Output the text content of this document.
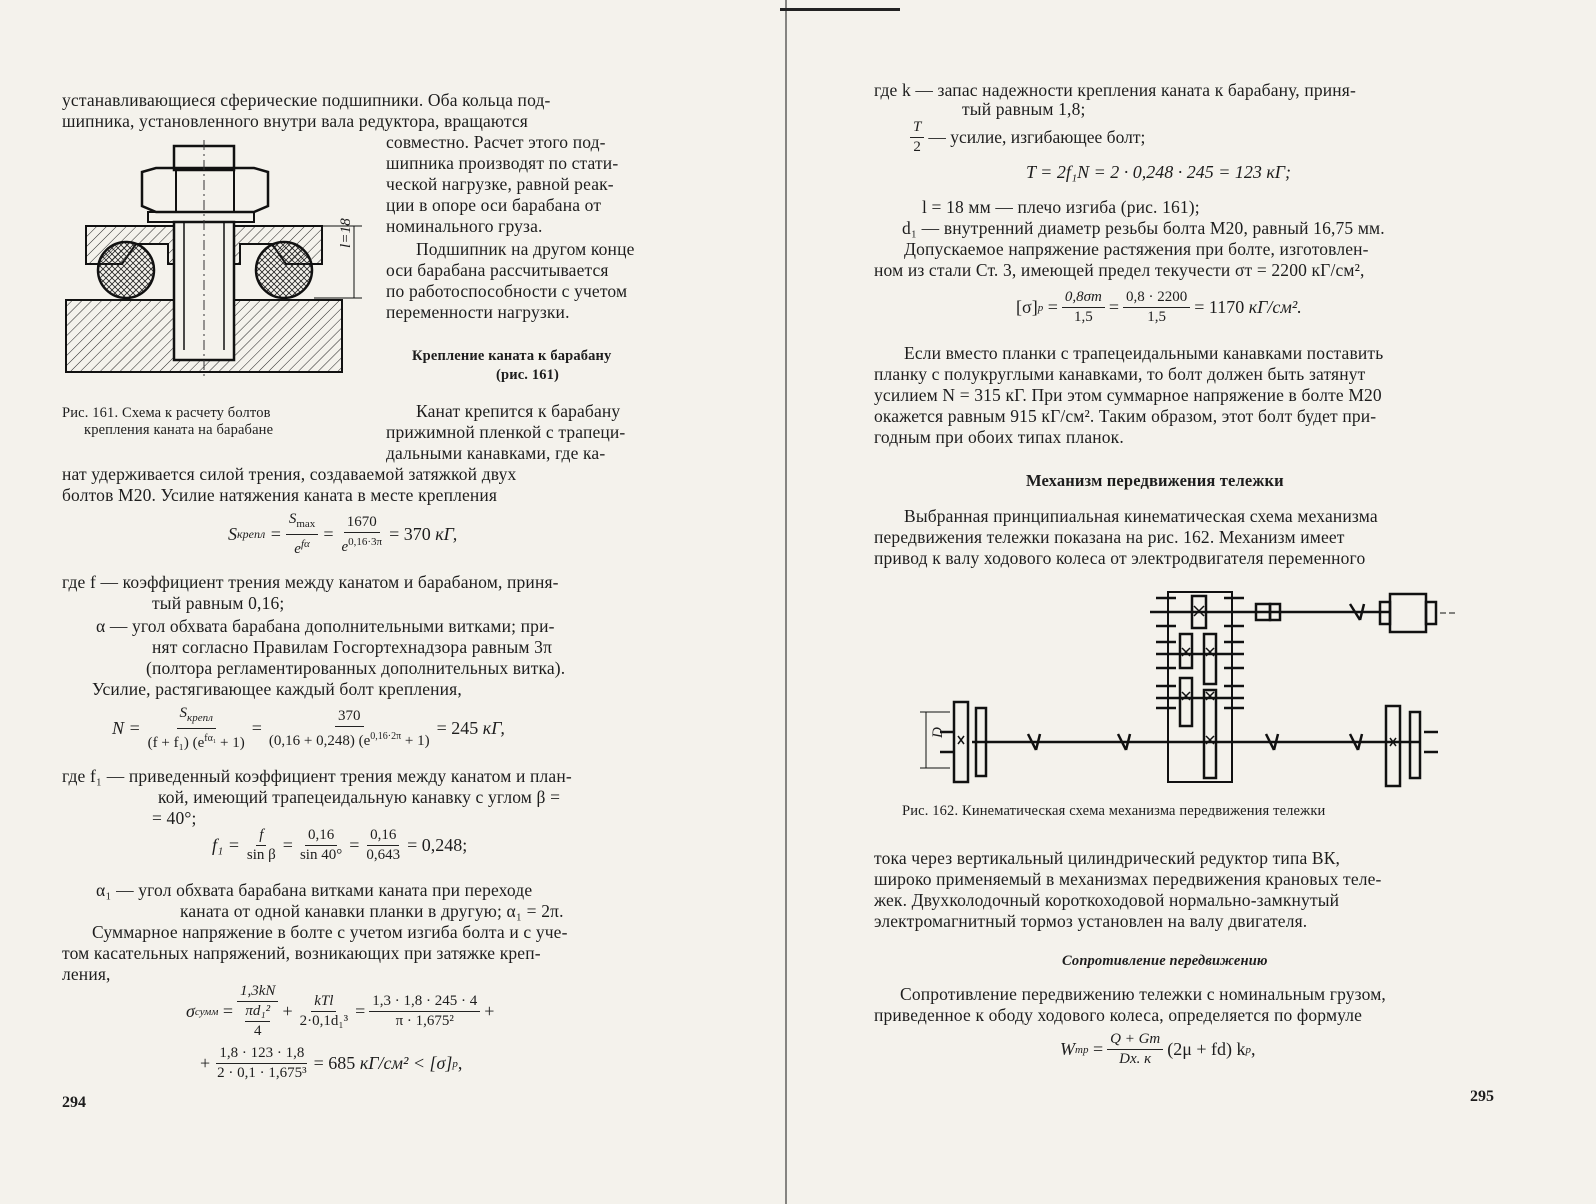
устанавливающиеся сферические подшипники. Оба кольца под-
шипника, установленного внутри вала редуктора, вращаются
l=18
совместно. Расчет этого под-
шипника производят по стати-
ческой нагрузке, равной реак-
ции в опоре оси барабана от
номинального груза.
Подшипник на другом конце
оси барабана рассчитывается
по работоспособности с учетом
переменности нагрузки.
Крепление каната к барабану
(рис. 161)
Рис. 161. Схема к расчету болтов
крепления каната на барабане
Канат крепится к барабану
прижимной пленкой с трапеци-
дальными канавками, где ка-
нат удерживается силой трения, создаваемой затяжкой двух
болтов М20. Усилие натяжения каната в месте крепления
S крепл = $\frac{S_{max}}{e^{f\alpha}} = \frac{1670}{e^{0,16\cdot 3\pi}} = 370$
кГ,
где f — коэффициент трения между канатом и барабаном, приня-
тый равным 0,16;
α — угол обхвата барабана дополнительными витками; при-
нят согласно Правилам Госгортехнадзора равным 3π
(полтора регламентированных дополнительных витка).
Усилие, растягивающее каждый болт крепления,
$N = \frac{S_{крепл}}{(f + f_1) (e^{f\alpha_1} + 1)} = \frac{370}{(0,16 + 0,248) (e^{0,16\cdot 2\pi} + 1)} = 245$
кГ,
где f₁ — приведенный коэффициент трения между канатом и план-
кой, имеющий трапецеидальную канавку с углом β =
= 40°;
$f_1 = \frac{f}{\text{sin β}} = \frac{0,16}{\sin 40^\circ} = \frac{0,16}{0,643} = 0,248$;
α₁ — угол обхвата барабана витками каната при переходе
каната от одной канавки планки в другую; α₁ = 2π.
Суммарное напряжение в болте с учетом изгиба болта и с уче-
том касательных напряжений, возникающих при затяжке креп-
ления,
σ сумм = 1,3kN
πd₁²
$4 + \frac{\text{kTl}}{\text{2·0,1d₁³}} = \frac{1,3 \cdot 1,8 \cdot 245 \cdot 4}{\text{π · 1,675²}}$ +
+ $\frac{1,8 \cdot 123 \cdot 1,8}{\text{2 · 0,1 · 1,675³}} = 685$
кГ/см² < [σ] р ,
294
где k — запас надежности крепления каната к барабану, приня-
тый равным 1,8;
$\frac{T}{2}$ — усилие, изгибающее болт;
T = 2f₁N = 2 · 0,248 · 245 = 123
кГ;
l = 18 мм — плечо изгиба (рис. 161);
d₁ — внутренний диаметр резьбы болта М20, равный 16,75 мм.
Допускаемое напряжение растяжения при болте, изготовлен-
ном из стали Ст. 3, имеющей предел текучести σт = 2200 кГ/см²,
[σ] $р = \frac{0,8\sigma т}{1,5} = \frac{0,8 \cdot 2200}{1,5} = 1170$
кГ/см².
Если вместо планки с трапецеидальными канавками поставить
планку с полукруглыми канавками, то болт должен быть затянут
усилием N = 315 кГ. При этом суммарное напряжение в болте М20
окажется равным 915 кГ/см². Таким образом, этот болт будет при-
годным при обоих типах планок.
Механизм передвижения тележки
Выбранная принципиальная кинематическая схема механизма
передвижения тележки показана на рис. 162. Механизм имеет
привод к валу ходового колеса от электродвигателя переменного
D
Рис. 162. Кинематическая схема механизма передвижения тележки
тока через вертикальный цилиндрический редуктор типа ВК,
широко применяемый в механизмах передвижения крановых теле-
жек. Двухколодочный короткоходовой нормально-замкнутый
электромагнитный тормоз установлен на валу двигателя.
Сопротивление передвижению
Сопротивление передвижению тележки с номинальным грузом,
приведенное к ободу ходового колеса, определяется по формуле
W тр = $\frac{Q + Gт}{Dх. к} (2\mu + fd)$ k р ,
295
